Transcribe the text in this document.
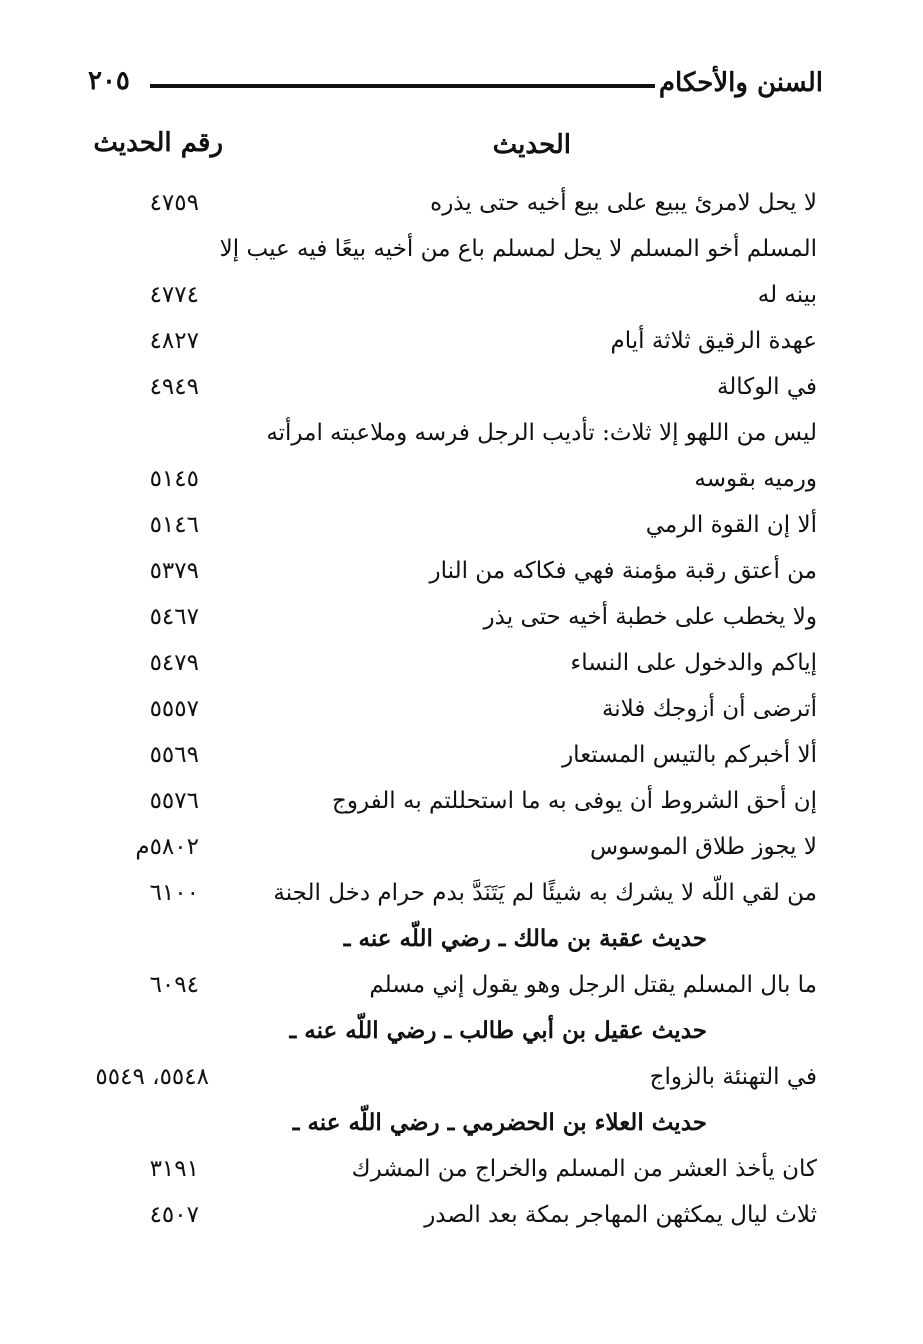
السنن والأحكام
٢٠٥
الحديث
رقم الحديث
لا يحل لامرئ يبيع على بيع أخيه حتى يذره
٤٧٥٩
المسلم أخو المسلم لا يحل لمسلم باع من أخيه بيعًا فيه عيب إلا
بينه له
٤٧٧٤
عهدة الرقيق ثلاثة أيام
٤٨٢٧
في الوكالة
٤٩٤٩
ليس من اللهو إلا ثلاث: تأديب الرجل فرسه وملاعبته امرأته
ورميه بقوسه
٥١٤٥
ألا إن القوة الرمي
٥١٤٦
من أعتق رقبة مؤمنة فهي فكاكه من النار
٥٣٧٩
ولا يخطب على خطبة أخيه حتى يذر
٥٤٦٧
إياكم والدخول على النساء
٥٤٧٩
أترضى أن أزوجك فلانة
٥٥٥٧
ألا أخبركم بالتيس المستعار
٥٥٦٩
إن أحق الشروط أن يوفى به ما استحللتم به الفروج
٥٥٧٦
لا يجوز طلاق الموسوس
٥٨٠٢م
من لقي اللّه لا يشرك به شيئًا لم يَتَنَدَّ بدم حرام دخل الجنة
٦١٠٠
حديث عقبة بن مالك ـ رضي اللّه عنه ـ
ما بال المسلم يقتل الرجل وهو يقول إني مسلم
٦٠٩٤
حديث عقيل بن أبي طالب ـ رضي اللّه عنه ـ
في التهنئة بالزواج
٥٥٤٨، ٥٥٤٩
حديث العلاء بن الحضرمي ـ رضي اللّه عنه ـ
كان يأخذ العشر من المسلم والخراج من المشرك
٣١٩١
ثلاث ليال يمكثهن المهاجر بمكة بعد الصدر
٤٥٠٧
